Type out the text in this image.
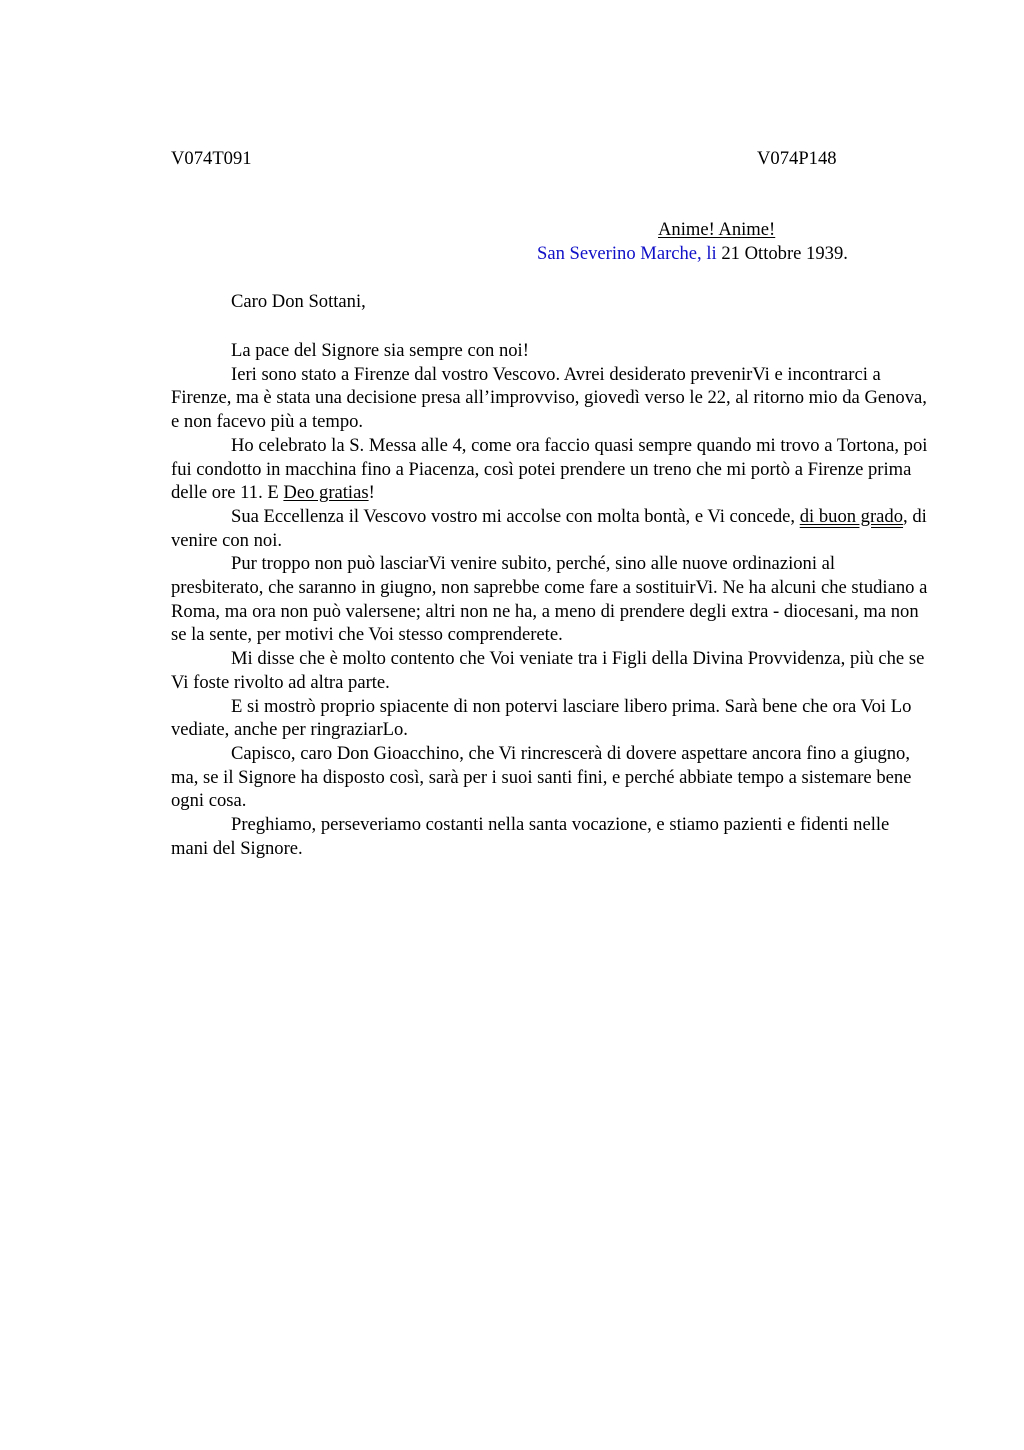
V074T091	V074P148
Anime! Anime!
San Severino Marche, li 21 Ottobre 1939.
Caro Don Sottani,

La pace del Signore sia sempre con noi!

Ieri sono stato a Firenze dal vostro Vescovo. Avrei desiderato prevenirVi e incontrarci a Firenze, ma è stata una decisione presa all’improvviso, giovedì verso le 22, al ritorno mio da Genova, e non facevo più a tempo.

Ho celebrato la S. Messa alle 4, come ora faccio quasi sempre quando mi trovo a Tortona, poi fui condotto in macchina fino a Piacenza, così potei prendere un treno che mi portò a Firenze prima delle ore 11. E Deo gratias!

Sua Eccellenza il Vescovo vostro mi accolse con molta bontà, e Vi concede, di buon grado, di venire con noi.

Pur troppo non può lasciarVi venire subito, perché, sino alle nuove ordinazioni al presbiterato, che saranno in giugno, non saprebbe come fare a sostituirVi. Ne ha alcuni che studiano a Roma, ma ora non può valersene; altri non ne ha, a meno di prendere degli extra - diocesani, ma non se la sente, per motivi che Voi stesso comprenderete.

Mi disse che è molto contento che Voi veniate tra i Figli della Divina Provvidenza, più che se Vi foste rivolto ad altra parte.

E si mostrò proprio spiacente di non potervi lasciare libero prima. Sarà bene che ora Voi Lo vediate, anche per ringraziarLo.

Capisco, caro Don Gioacchino, che Vi rincrescerà di dovere aspettare ancora fino a giugno, ma, se il Signore ha disposto così, sarà per i suoi santi fini, e perché abbiate tempo a sistemare bene ogni cosa.

Preghiamo, perseveriamo costanti nella santa vocazione, e stiamo pazienti e fidenti nelle mani del Signore.
